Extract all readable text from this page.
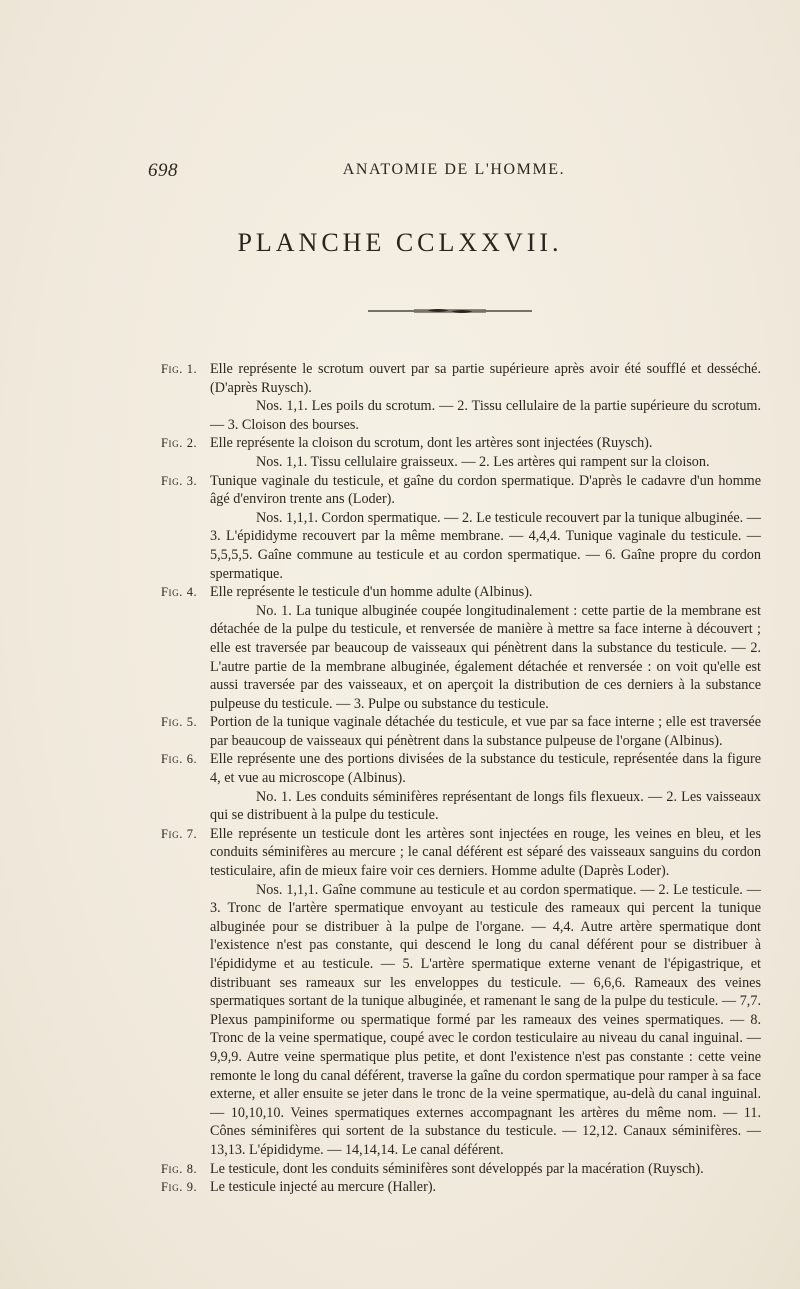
698	ANATOMIE DE L'HOMME.
PLANCHE CCLXXVII.
Fig. 1. Elle représente le scrotum ouvert par sa partie supérieure après avoir été soufflé et desséché. (D'après Ruysch).

Nos. 1,1. Les poils du scrotum. — 2. Tissu cellulaire de la partie supérieure du scrotum. — 3. Cloison des bourses.

Fig. 2. Elle représente la cloison du scrotum, dont les artères sont injectées (Ruysch).

Nos. 1,1. Tissu cellulaire graisseux. — 2. Les artères qui rampent sur la cloison.

Fig. 3. Tunique vaginale du testicule, et gaîne du cordon spermatique. D'après le cadavre d'un homme âgé d'environ trente ans (Loder).

Nos. 1,1,1. Cordon spermatique. — 2. Le testicule recouvert par la tunique albuginée. — 3. L'épididyme recouvert par la même membrane. — 4,4,4. Tunique vaginale du testicule. — 5,5,5,5. Gaîne commune au testicule et au cordon spermatique. — 6. Gaîne propre du cordon spermatique.

Fig. 4. Elle représente le testicule d'un homme adulte (Albinus).

No. 1. La tunique albuginée coupée longitudinalement : cette partie de la membrane est détachée de la pulpe du testicule, et renversée de manière à mettre sa face interne à découvert ; elle est traversée par beaucoup de vaisseaux qui pénètrent dans la substance du testicule. — 2. L'autre partie de la membrane albuginée, également détachée et renversée : on voit qu'elle est aussi traversée par des vaisseaux, et on aperçoit la distribution de ces derniers à la substance pulpeuse du testicule. — 3. Pulpe ou substance du testicule.

Fig. 5. Portion de la tunique vaginale détachée du testicule, et vue par sa face interne ; elle est traversée par beaucoup de vaisseaux qui pénètrent dans la substance pulpeuse de l'organe (Albinus).

Fig. 6. Elle représente une des portions divisées de la substance du testicule, représentée dans la figure 4, et vue au microscope (Albinus).

No. 1. Les conduits séminifères représentant de longs fils flexueux. — 2. Les vaisseaux qui se distribuent à la pulpe du testicule.

Fig. 7. Elle représente un testicule dont les artères sont injectées en rouge, les veines en bleu, et les conduits séminifères au mercure ; le canal déférent est séparé des vaisseaux sanguins du cordon testiculaire, afin de mieux faire voir ces derniers. Homme adulte (Daprès Loder).

Nos. 1,1,1. Gaîne commune au testicule et au cordon spermatique. — 2. Le testicule. — 3. Tronc de l'artère spermatique envoyant au testicule des rameaux qui percent la tunique albuginée pour se distribuer à la pulpe de l'organe. — 4,4. Autre artère spermatique dont l'existence n'est pas constante, qui descend le long du canal déférent pour se distribuer à l'épididyme et au testicule. — 5. L'artère spermatique externe venant de l'épigastrique, et distribuant ses rameaux sur les enveloppes du testicule. — 6,6,6. Rameaux des veines spermatiques sortant de la tunique albuginée, et ramenant le sang de la pulpe du testicule. — 7,7. Plexus pampiniforme ou spermatique formé par les rameaux des veines spermatiques. — 8. Tronc de la veine spermatique, coupé avec le cordon testiculaire au niveau du canal inguinal. — 9,9,9. Autre veine spermatique plus petite, et dont l'existence n'est pas constante : cette veine remonte le long du canal déférent, traverse la gaîne du cordon spermatique pour ramper à sa face externe, et aller ensuite se jeter dans le tronc de la veine spermatique, au-delà du canal inguinal. — 10,10,10. Veines spermatiques externes accompagnant les artères du même nom. — 11. Cônes séminifères qui sortent de la substance du testicule. — 12,12. Canaux séminifères. — 13,13. L'épididyme. — 14,14,14. Le canal déférent.

Fig. 8. Le testicule, dont les conduits séminifères sont développés par la macération (Ruysch).

Fig. 9. Le testicule injecté au mercure (Haller).
